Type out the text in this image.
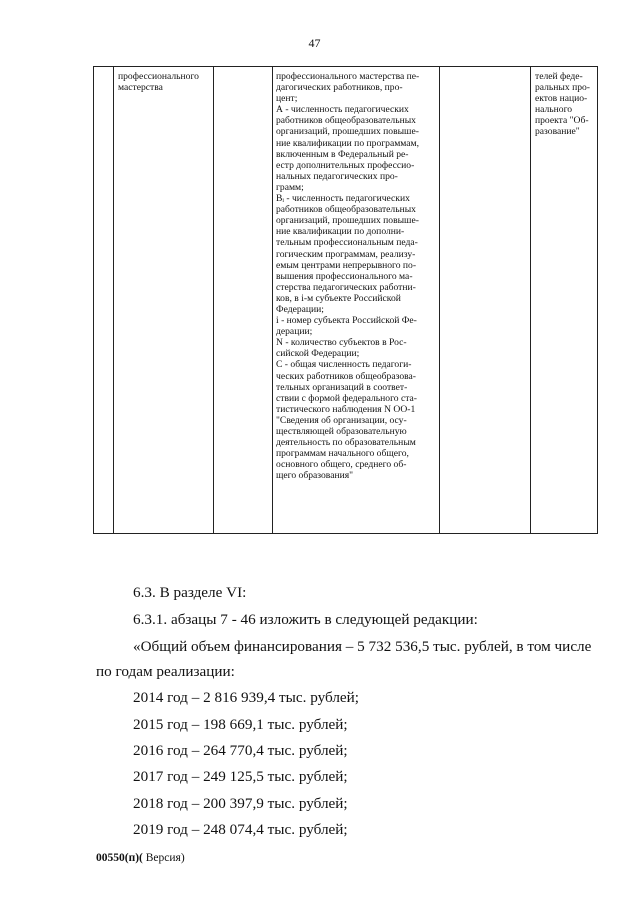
47
профессионального
мастерства
профессионального мастерства пе-
дагогических работников, про-
цент;
А - численность педагогических
работников общеобразовательных
организаций, прошедших повыше-
ние квалификации по программам,
включенным в Федеральный ре-
естр дополнительных профессио-
нальных педагогических про-
грамм;
Bᵢ - численность педагогических
работников общеобразовательных
организаций, прошедших повыше-
ние квалификации по дополни-
тельным профессиональным педа-
гогическим программам, реализу-
емым центрами непрерывного по-
вышения профессионального ма-
стерства педагогических работни-
ков, в i-м субъекте Российской
Федерации;
i - номер субъекта Российской Фе-
дерации;
N - количество субъектов в Рос-
сийской Федерации;
C - общая численность педагоги-
ческих работников общеобразова-
тельных организаций в соответ-
ствии с формой федерального ста-
тистического наблюдения N ОО-1
"Сведения об организации, осу-
ществляющей образовательную
деятельность по образовательным
программам начального общего,
основного общего, среднего об-
щего образования"
телей феде-
ральных про-
ектов нацио-
нального
проекта "Об-
разование"
6.3. В разделе VI:
6.3.1. абзацы 7 - 46 изложить в следующей редакции:
«Общий объем финансирования – 5 732 536,5 тыс. рублей, в том числе
по годам реализации:
2014 год – 2 816 939,4 тыс. рублей;
2015 год – 198 669,1 тыс. рублей;
2016 год – 264 770,4 тыс. рублей;
2017 год – 249 125,5 тыс. рублей;
2018 год – 200 397,9 тыс. рублей;
2019 год – 248 074,4 тыс. рублей;
00550(п)( Версия)
